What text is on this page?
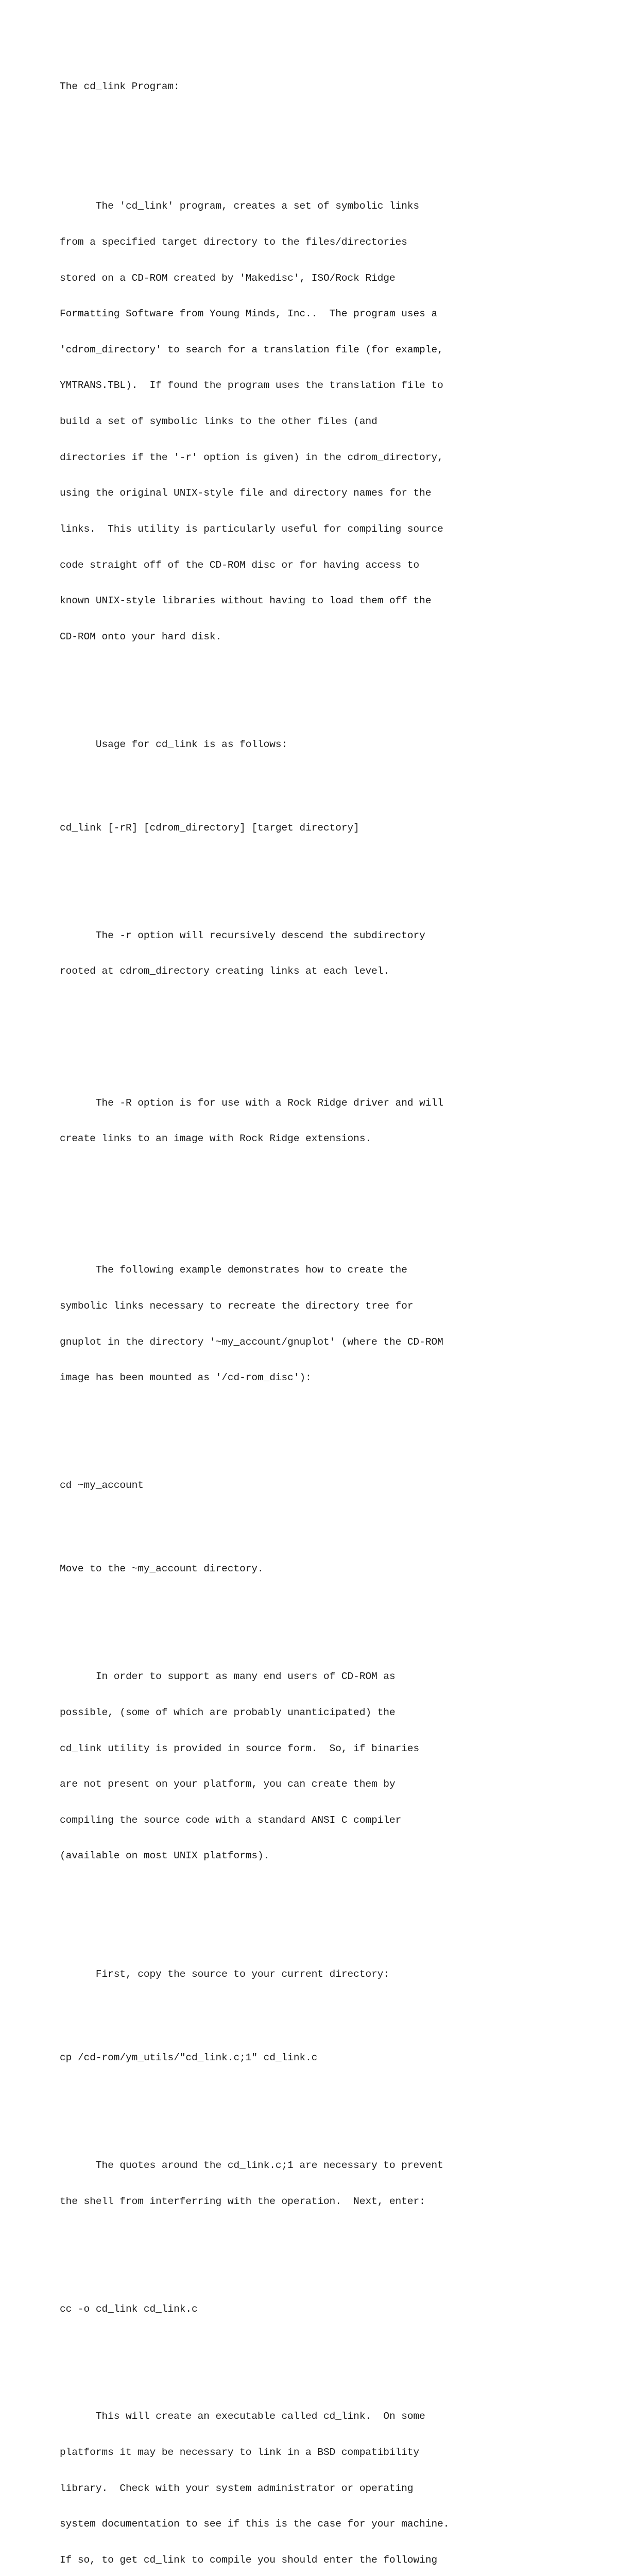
The cd_link Program:

The 'cd_link' program, creates a set of symbolic links

from a specified target directory to the files/directories

stored on a CD-ROM created by 'Makedisc', ISO/Rock Ridge

Formatting Software from Young Minds, Inc..  The program uses a

'cdrom_directory' to search for a translation file (for example,

YMTRANS.TBL).  If found the program uses the translation file to

build a set of symbolic links to the other files (and

directories if the '-r' option is given) in the cdrom_directory,

using the original UNIX-style file and directory names for the

links.  This utility is particularly useful for compiling source

code straight off of the CD-ROM disc or for having access to

known UNIX-style libraries without having to load them off the

CD-ROM onto your hard disk.

Usage for cd_link is as follows:

cd_link [-rR] [cdrom_directory] [target directory]

The -r option will recursively descend the subdirectory

rooted at cdrom_directory creating links at each level.

The -R option is for use with a Rock Ridge driver and will

create links to an image with Rock Ridge extensions.

The following example demonstrates how to create the

symbolic links necessary to recreate the directory tree for

gnuplot in the directory '~my_account/gnuplot' (where the CD-ROM

image has been mounted as '/cd-rom_disc'):

cd ~my_account

Move to the ~my_account directory.

In order to support as many end users of CD-ROM as

possible, (some of which are probably unanticipated) the

cd_link utility is provided in source form.  So, if binaries

are not present on your platform, you can create them by

compiling the source code with a standard ANSI C compiler

(available on most UNIX platforms).

First, copy the source to your current directory:

cp /cd-rom/ym_utils/"cd_link.c;1" cd_link.c

The quotes around the cd_link.c;1 are necessary to prevent

the shell from interferring with the operation.  Next, enter:

cc -o cd_link cd_link.c

This will create an executable called cd_link.  On some

platforms it may be necessary to link in a BSD compatibility

library.  Check with your system administrator or operating

system documentation to see if this is the case for your machine.

If so, to get cd_link to compile you should enter the following
